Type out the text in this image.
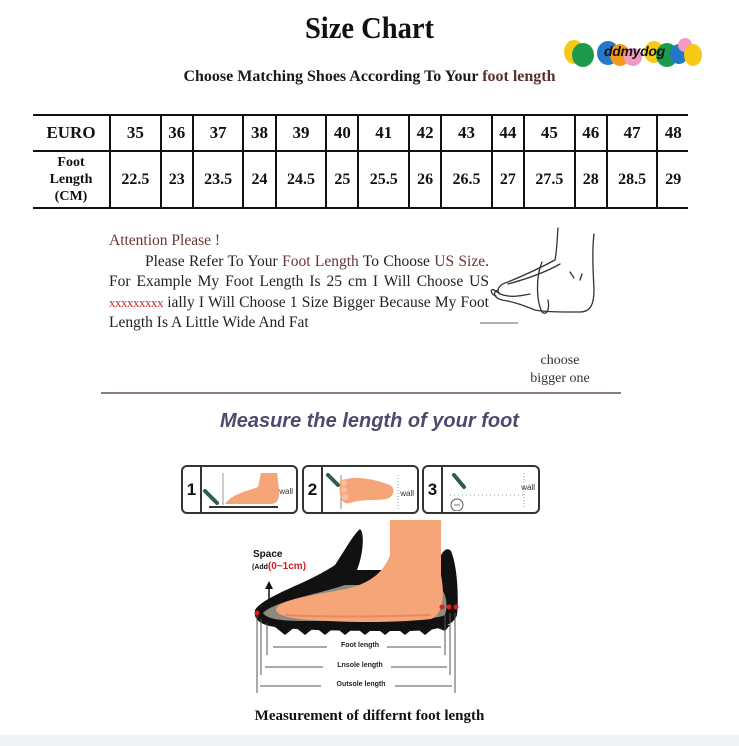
Size Chart
ddmydog
Choose Matching Shoes According To Your foot length
EURO	35	36	37	38	39	40	41	42	43	44	45	46	47	48

Foot
Length
(CM)	22.5	23	23.5	24	24.5	25	25.5	26	26.5	27	27.5	28	28.5	29
Attention Please !
Please Refer To Your Foot Length To Choose US Size. For Example My Foot Length Is 25 cm I Will Choose US xxxxxxxxx ially I Will Choose 1 Size Bigger Because My Foot Length Is A Little Wide And Fat
choose
bigger one
Measure the length of your foot
1	wall 2	wall 3	wall
Space
(Add(0~1cm)
Foot length
Lnsole length
Outsole length
Measurement of differnt foot length
